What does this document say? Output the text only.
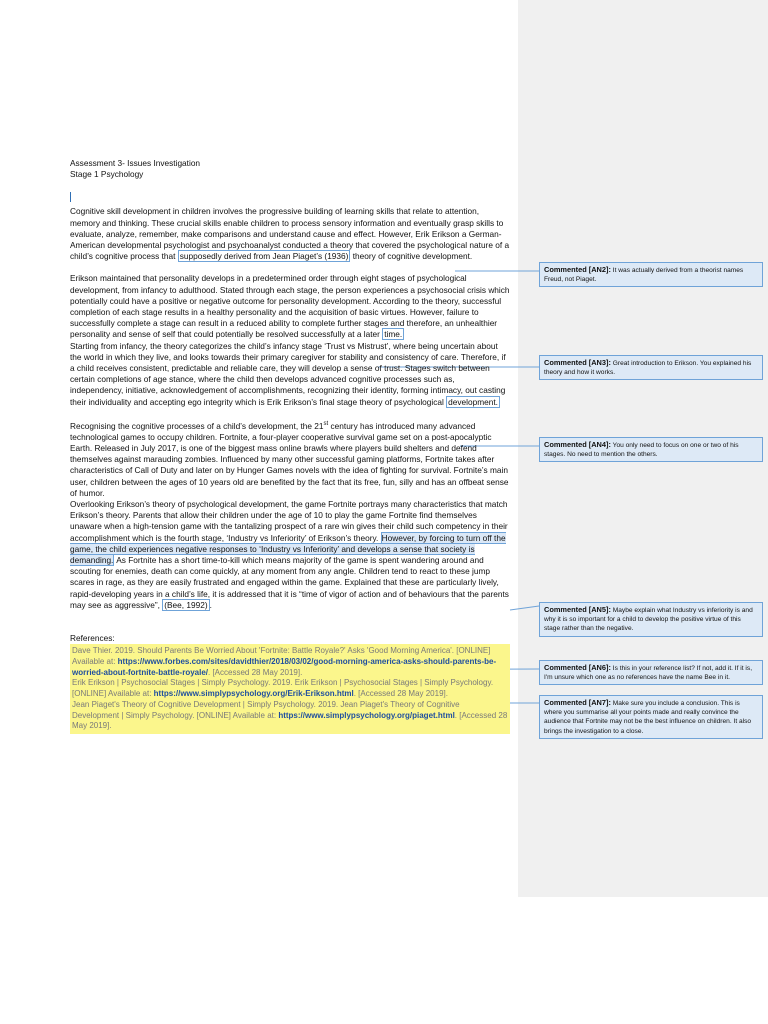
Assessment 3- Issues Investigation

Stage 1 Psychology

Cognitive skill development in children involves the progressive building of learning skills that relate to attention, memory and thinking. These crucial skills enable children to process sensory information and eventually grasp skills to evaluate, analyze, remember, make comparisons and understand cause and effect. However, Erik Erikson a German-American developmental psychologist and psychoanalyst conducted a theory that covered the psychological nature of a child’s cognitive process that supposedly derived from Jean Piaget’s (1936) theory of cognitive development.

Erikson maintained that personality develops in a predetermined order through eight stages of psychological development, from infancy to adulthood. Stated through each stage, the person experiences a psychosocial crisis which potentially could have a positive or negative outcome for personality development. According to the theory, successful completion of each stage results in a healthy personality and the acquisition of basic virtues. However, failure to successfully complete a stage can result in a reduced ability to complete further stages and therefore, an unhealthier personality and sense of self that could potentially be resolved successfully at a later time.

Starting from infancy, the theory categorizes the child’s infancy stage ‘Trust vs Mistrust’, where being uncertain about the world in which they live, and looks towards their primary caregiver for stability and consistency of care. Therefore, if a child receives consistent, predictable and reliable care, they will develop a sense of trust. Stages switch between certain completions of age stance, where the child then develops advanced cognitive processes such as, independency, initiative, acknowledgement of accomplishments, recognizing their identity, forming intimacy, out casting their individuality and accepting ego integrity which is Erik Erikson’s final stage theory of psychological development.

Recognising the cognitive processes of a child’s development, the 21st century has introduced many advanced technological games to occupy children. Fortnite, a four-player cooperative survival game set on a post-apocalyptic Earth. Released in July 2017, is one of the biggest mass online brawls where players build shelters and defend themselves against marauding zombies. Influenced by many other successful gaming platforms, Fortnite takes after characteristics of Call of Duty and later on by Hunger Games novels with the idea of fighting for survival. Fortnite’s main user, children between the ages of 10 years old are benefited by the fact that its free, fun, silly and has an offbeat sense of humor.

Overlooking Erikson’s theory of psychological development, the game Fortnite portrays many characteristics that match Erikson’s theory. Parents that allow their children under the age of 10 to play the game Fortnite find themselves unaware when a high-tension game with the tantalizing prospect of a rare win gives their child such competency in their accomplishment which is the fourth stage, ‘Industry vs Inferiority’ of Erikson’s theory. However, by forcing to turn off the game, the child experiences negative responses to ‘Industry vs Inferiority’ and develops a sense that society is demanding. As Fortnite has a short time-to-kill which means majority of the game is spent wandering around and scouting for enemies, death can come quickly, at any moment from any angle. Children tend to react to these jump scares in rage, as they are easily frustrated and engaged within the game. Explained that these are particularly lively, rapid-developing years in a child’s life, it is addressed that it is “time of vigor of action and of behaviours that the parents may see as aggressive”, (Bee, 1992) .

References:

Dave Thier. 2019. Should Parents Be Worried About 'Fortnite: Battle Royale?' Asks 'Good Morning America'. [ONLINE] Available at: https://www.forbes.com/sites/davidthier/2018/03/02/good-morning-america-asks-should-parents-be-worried-about-fortnite-battle-royale/. [Accessed 28 May 2019].

Erik Erikson | Psychosocial Stages | Simply Psychology. 2019. Erik Erikson | Psychosocial Stages | Simply Psychology. [ONLINE] Available at: https://www.simplypsychology.org/Erik-Erikson.html. [Accessed 28 May 2019].

Jean Piaget's Theory of Cognitive Development | Simply Psychology. 2019. Jean Piaget's Theory of Cognitive Development | Simply Psychology. [ONLINE] Available at: https://www.simplypsychology.org/piaget.html. [Accessed 28 May 2019].

Commented [AN2]: It was actually derived from a theorist names Freud, not Piaget.
Commented [AN3]: Great introduction to Erikson. You explained his theory and how it works.
Commented [AN4]: You only need to focus on one or two of his stages. No need to mention the others.
Commented [AN5]: Maybe explain what Industry vs inferiority is and why it is so important for a child to develop the positive virtue of this stage rather than the negative.
Commented [AN6]: Is this in your reference list? If not, add it. If it is, I'm unsure which one as no references have the name Bee in it.
Commented [AN7]: Make sure you include a conclusion. This is where you summarise all your points made and really convince the audience that Fortnite may not be the best influence on children. It also brings the investigation to a close.
